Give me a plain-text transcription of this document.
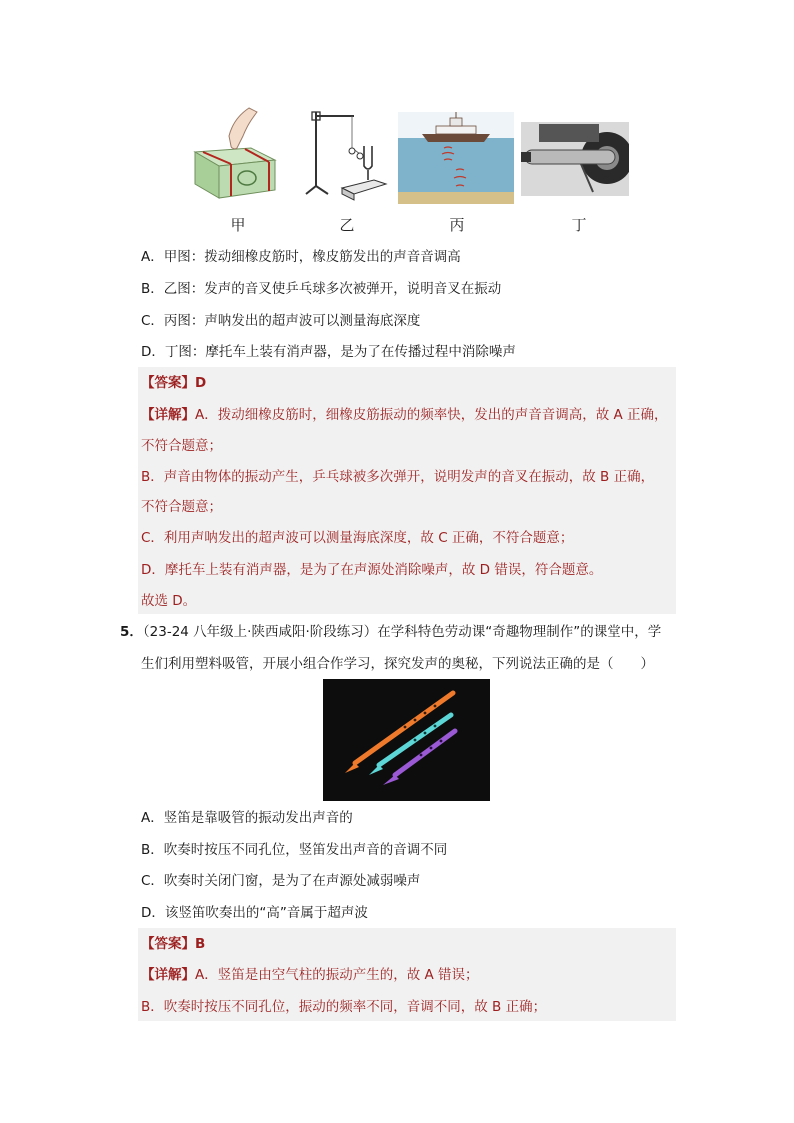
甲	乙	丙	丁
A．甲图：拨动细橡皮筋时，橡皮筋发出的声音音调高
B．乙图：发声的音叉使乒乓球多次被弹开，说明音叉在振动
C．丙图：声呐发出的超声波可以测量海底深度
D．丁图：摩托车上装有消声器，是为了在传播过程中消除噪声
【答案】D
【详解】A．拨动细橡皮筋时，细橡皮筋振动的频率快，发出的声音音调高，故 A 正确，
不符合题意；
B．声音由物体的振动产生，乒乓球被多次弹开，说明发声的音叉在振动，故 B 正确，
不符合题意；
C．利用声呐发出的超声波可以测量海底深度，故 C 正确，不符合题意；
D．摩托车上装有消声器，是为了在声源处消除噪声，故 D 错误，符合题意。
故选 D。
5．（23-24 八年级上·陕西咸阳·阶段练习）在学科特色劳动课“奇趣物理制作”的课堂中，学
生们利用塑料吸管，开展小组合作学习，探究发声的奥秘，下列说法正确的是（　　）
A．竖笛是靠吸管的振动发出声音的
B．吹奏时按压不同孔位，竖笛发出声音的音调不同
C．吹奏时关闭门窗，是为了在声源处减弱噪声
D．该竖笛吹奏出的“高”音属于超声波
【答案】B
【详解】A．竖笛是由空气柱的振动产生的，故 A 错误；
B．吹奏时按压不同孔位，振动的频率不同，音调不同，故 B 正确；
